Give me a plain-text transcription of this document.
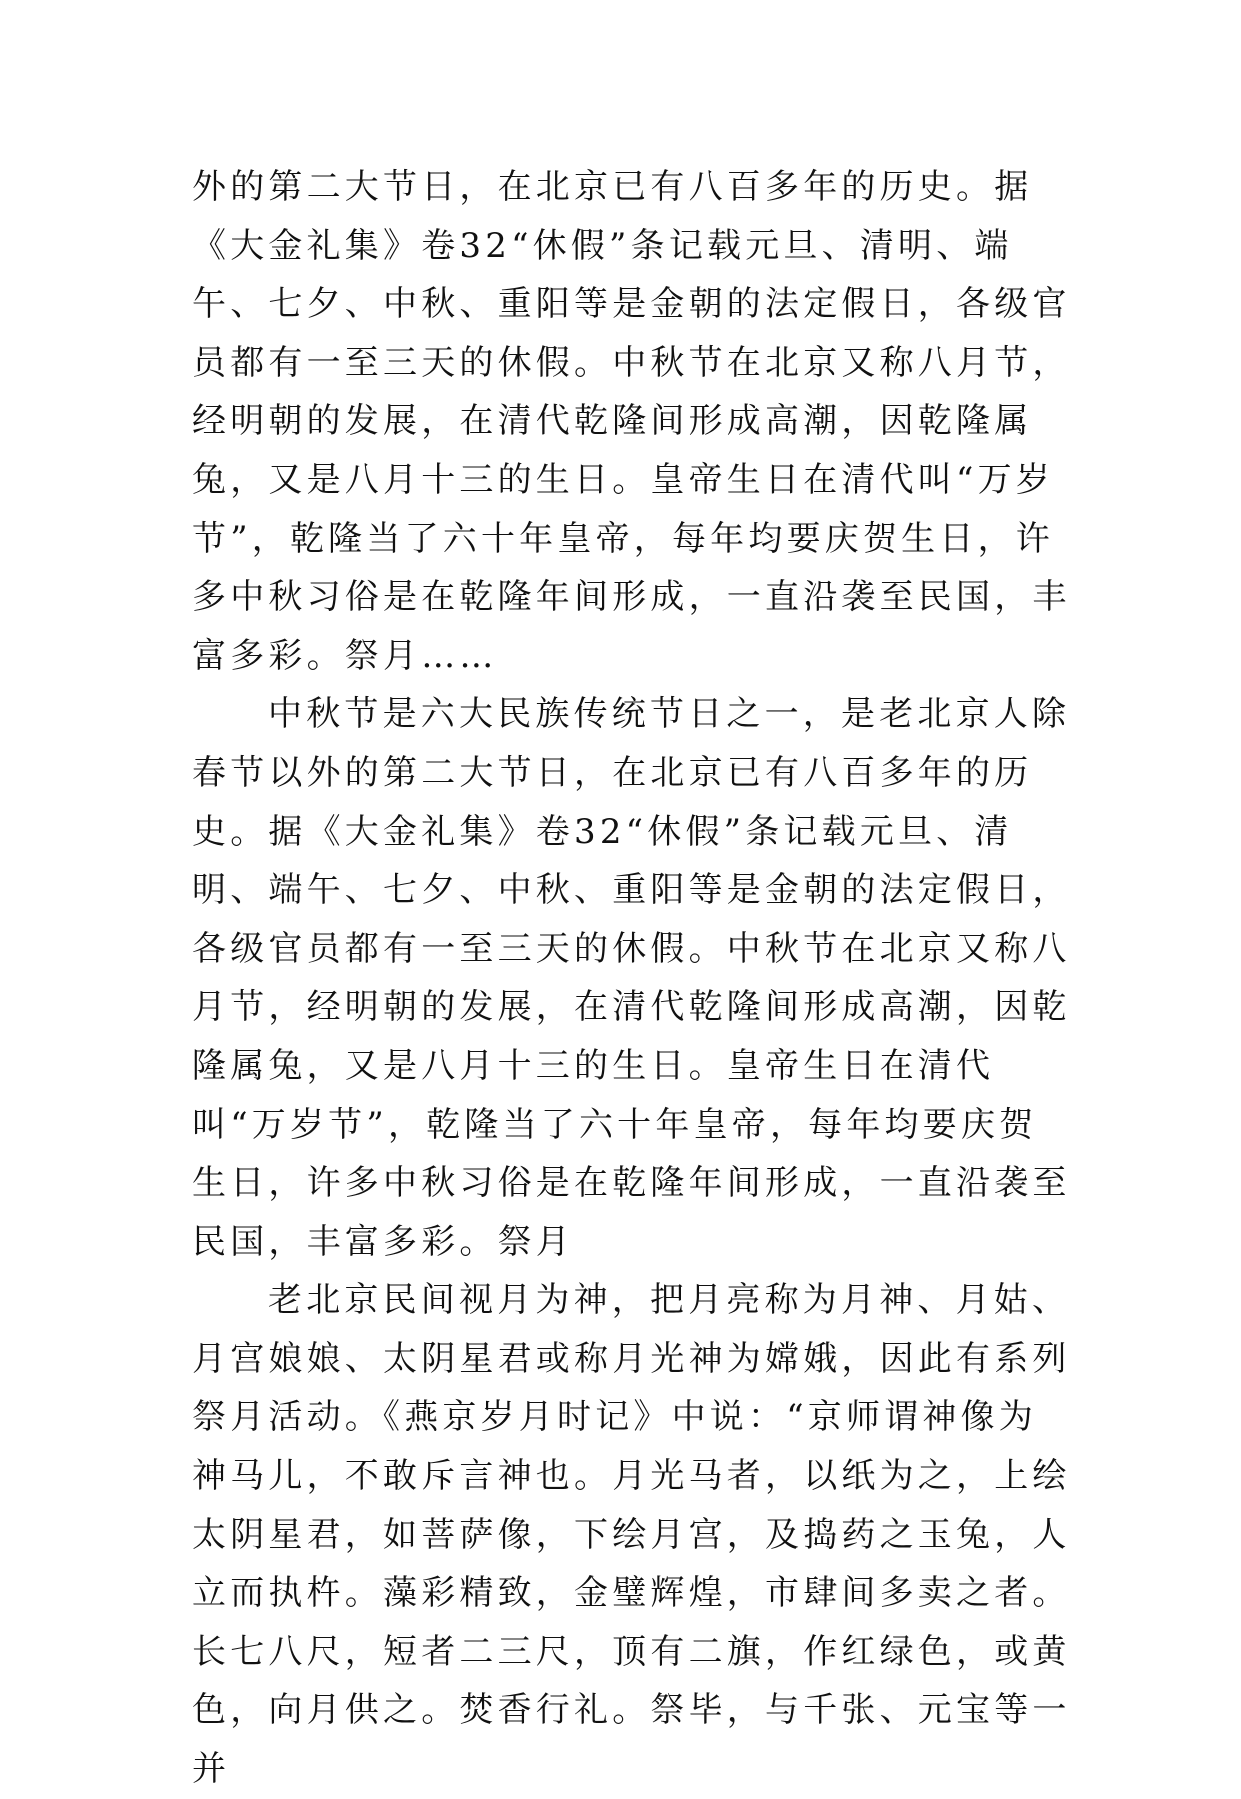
外的第二大节日，在北京已有八百多年的历史。据《大金礼集》卷32“休假”条记载元旦、清明、端午、七夕、中秋、重阳等是金朝的法定假日，各级官员都有一至三天的休假。中秋节在北京又称八月节，经明朝的发展，在清代乾隆间形成高潮，因乾隆属兔，又是八月十三的生日。皇帝生日在清代叫“万岁节”，乾隆当了六十年皇帝，每年均要庆贺生日，许多中秋习俗是在乾隆年间形成，一直沿袭至民国，丰富多彩。祭月……

中秋节是六大民族传统节日之一，是老北京人除春节以外的第二大节日，在北京已有八百多年的历史。据《大金礼集》卷32“休假”条记载元旦、清明、端午、七夕、中秋、重阳等是金朝的法定假日，各级官员都有一至三天的休假。中秋节在北京又称八月节，经明朝的发展，在清代乾隆间形成高潮，因乾隆属兔，又是八月十三的生日。皇帝生日在清代叫“万岁节”，乾隆当了六十年皇帝，每年均要庆贺生日，许多中秋习俗是在乾隆年间形成，一直沿袭至民国，丰富多彩。祭月

老北京民间视月为神，把月亮称为月神、月姑、月宫娘娘、太阴星君或称月光神为嫦娥，因此有系列祭月活动。《燕京岁月时记》中说：“京师谓神像为神马儿，不敢斥言神也。月光马者，以纸为之，上绘太阴星君，如菩萨像，下绘月宫，及捣药之玉兔，人立而执杵。藻彩精致，金璧辉煌，市肆间多卖之者。长七八尺，短者二三尺，顶有二旗，作红绿色，或黄色，向月供之。焚香行礼。祭毕，与千张、元宝等一并
